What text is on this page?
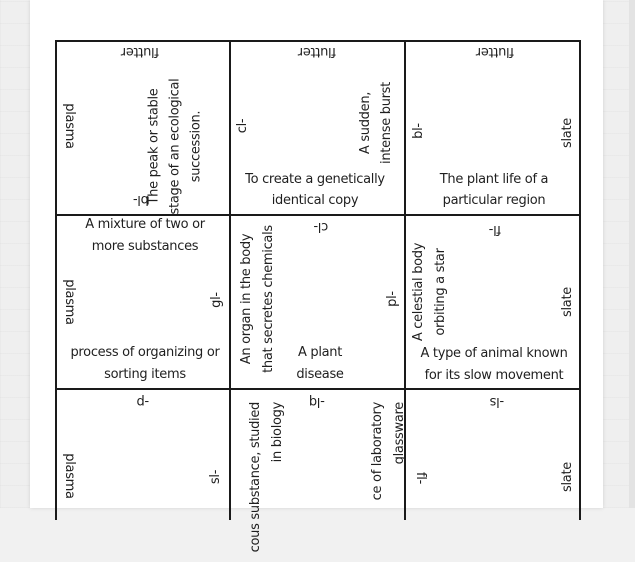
flutter
plasma	The peak or stable stage of an ecological succession.
bl-
flutter
cl-	A sudden, intense burst
To create a genetically identical copy
flutter
bl-	slate
The plant life of a particular region
A mixture of two or more substances
plasma	gl-
process of organizing or sorting items
cl-
An organ in the body that secretes chemicals	pl-
A plant disease
fl-
A celestial body orbiting a star	slate
A type of animal known for its slow movement
-p
plasma	sl-
-lq
cous substance, studied in biology	ce of laboratory glassware
-ls
fl-	slate
